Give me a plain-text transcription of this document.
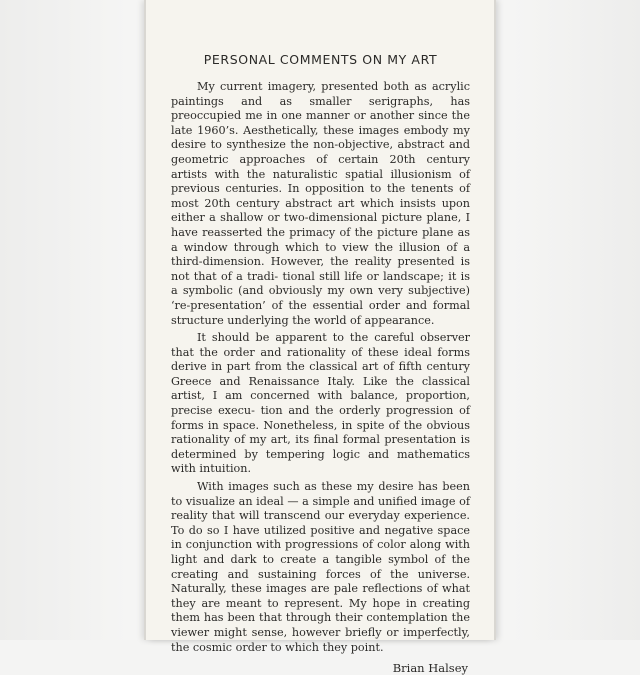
PERSONAL COMMENTS ON MY ART

My current imagery, presented both as acrylic paintings and as smaller serigraphs, has preoccupied me in one manner or another since the late 1960’s. Aesthetically, these images embody my desire to synthesize the non-objective, abstract and geometric approaches of certain 20th century artists with the naturalistic spatial illusionism of previous centuries. In opposition to the tenents of most 20th century abstract art which insists upon either a shallow or two-dimensional picture plane, I have reasserted the primacy of the picture plane as a window through which to view the illusion of a third-dimension. However, the reality presented is not that of a tradi- tional still life or landscape; it is a symbolic (and obviously my own very subjective) ‘re-presentation’ of the essential order and formal structure underlying the world of appearance.

It should be apparent to the careful observer that the order and rationality of these ideal forms derive in part from the classical art of fifth century Greece and Renaissance Italy. Like the classical artist, I am concerned with balance, proportion, precise execu- tion and the orderly progression of forms in space. Nonetheless, in spite of the obvious rationality of my art, its final formal presentation is determined by tempering logic and mathematics with intuition.

With images such as these my desire has been to visualize an ideal — a simple and unified image of reality that will transcend our everyday experience. To do so I have utilized positive and negative space in conjunction with progressions of color along with light and dark to create a tangible symbol of the creating and sustaining forces of the universe. Naturally, these images are pale reflections of what they are meant to represent. My hope in creating them has been that through their contemplation the viewer might sense, however briefly or imperfectly, the cosmic order to which they point.

Brian Halsey
